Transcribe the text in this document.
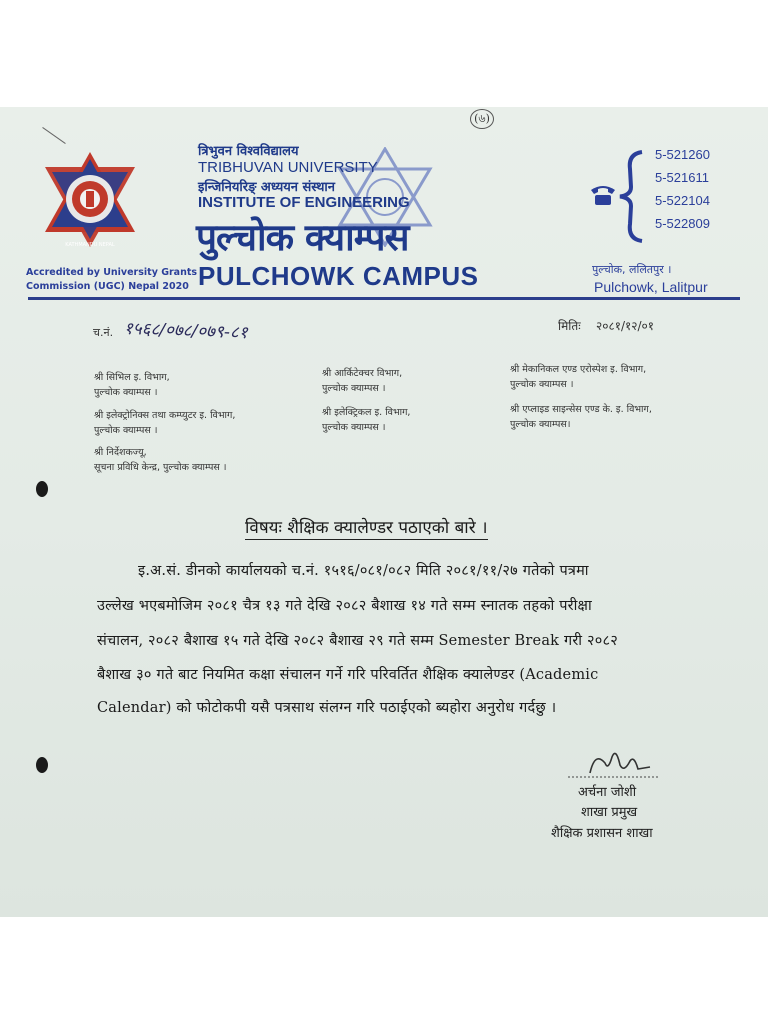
(৬)
KATHMANDU NEPAL
Accredited by University Grants
Commission (UGC) Nepal 2020
त्रिभुवन विश्वविद्यालय
TRIBHUVAN UNIVERSITY
इन्जिनियरिङ् अध्ययन संस्थान
INSTITUTE OF ENGINEERING
पुल्चोक क्याम्पस
PULCHOWK CAMPUS
5-521260
5-521611
5-522104
5-522809
पुल्चोक, ललितपुर ।
Pulchowk, Lalitpur
च.नं. १५६८/०७८/०७९-८१	मितिः २०८१/१२/०१
श्री सिभिल इ. विभाग,
पुल्चोक क्याम्पस ।
श्री आर्किटेक्चर विभाग,
पुल्चोक क्याम्पस ।
श्री मेकानिकल एण्ड एरोस्पेश इ. विभाग,
पुल्चोक क्याम्पस ।
श्री इलेक्ट्रोनिक्स तथा कम्प्युटर इ. विभाग,
पुल्चोक क्याम्पस ।
श्री इलेक्ट्रिकल इ. विभाग,
पुल्चोक क्याम्पस ।
श्री एप्लाइड साइन्सेस एण्ड के. इ. विभाग,
पुल्चोक क्याम्पस।
श्री निर्देशकज्यू,
सूचना प्रविधि केन्द्र, पुल्चोक क्याम्पस ।
विषयः शैक्षिक क्यालेण्डर पठाएको बारे ।
इ.अ.सं. डीनको कार्यालयको च.नं. १५१६/०८१/०८२ मिति २०८१/११/२७ गतेको पत्रमा
उल्लेख भएबमोजिम २०८१ चैत्र १३ गते देखि २०८२ बैशाख १४ गते सम्म स्नातक तहको परीक्षा
संचालन, २०८२ बैशाख १५ गते देखि २०८२ बैशाख २९ गते सम्म Semester Break गरी २०८२
बैशाख ३० गते बाट नियमित कक्षा संचालन गर्ने गरि परिवर्तित शैक्षिक क्यालेण्डर (Academic
Calendar) को फोटोकपी यसै पत्रसाथ संलग्न गरि पठाईएको ब्यहोरा अनुरोध गर्दछु ।
अर्चना जोशी
शाखा प्रमुख
शैक्षिक प्रशासन शाखा
